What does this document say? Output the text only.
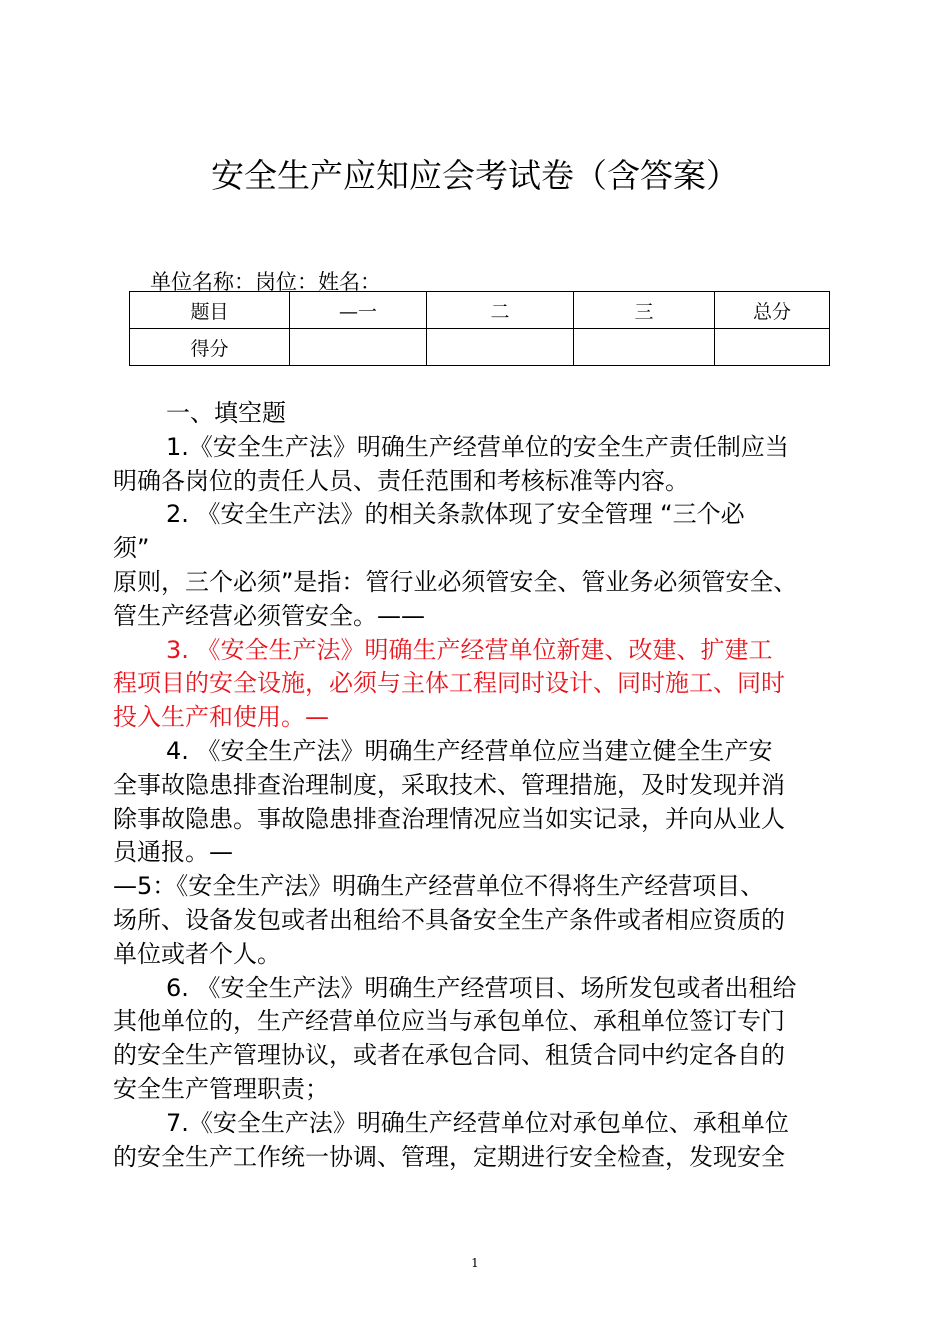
安全生产应知应会考试卷（含答案）
单位名称：岗位：姓名：
题目	—一	二	三	总分
得分				
一、填空题
1.《安全生产法》明确生产经营单位的安全生产责任制应当
明确各岗位的责任人员、责任范围和考核标准等内容。
2. 《安全生产法》的相关条款体现了安全管理 “三个必
须”
原则，三个必须”是指：管行业必须管安全、管业务必须管安全、
管生产经营必须管安全。——
3. 《安全生产法》明确生产经营单位新建、改建、扩建工
程项目的安全设施，必须与主体工程同时设计、同时施工、同时
投入生产和使用。—
4. 《安全生产法》明确生产经营单位应当建立健全生产安
全事故隐患排查治理制度，采取技术、管理措施，及时发现并消
除事故隐患。事故隐患排查治理情况应当如实记录，并向从业人
员通报。—
—5：《安全生产法》明确生产经营单位不得将生产经营项目、
场所、设备发包或者出租给不具备安全生产条件或者相应资质的
单位或者个人。
6. 《安全生产法》明确生产经营项目、场所发包或者出租给
其他单位的，生产经营单位应当与承包单位、承租单位签订专门
的安全生产管理协议，或者在承包合同、租赁合同中约定各自的
安全生产管理职责；
7.《安全生产法》明确生产经营单位对承包单位、承租单位
的安全生产工作统一协调、管理，定期进行安全检查，发现安全
1
